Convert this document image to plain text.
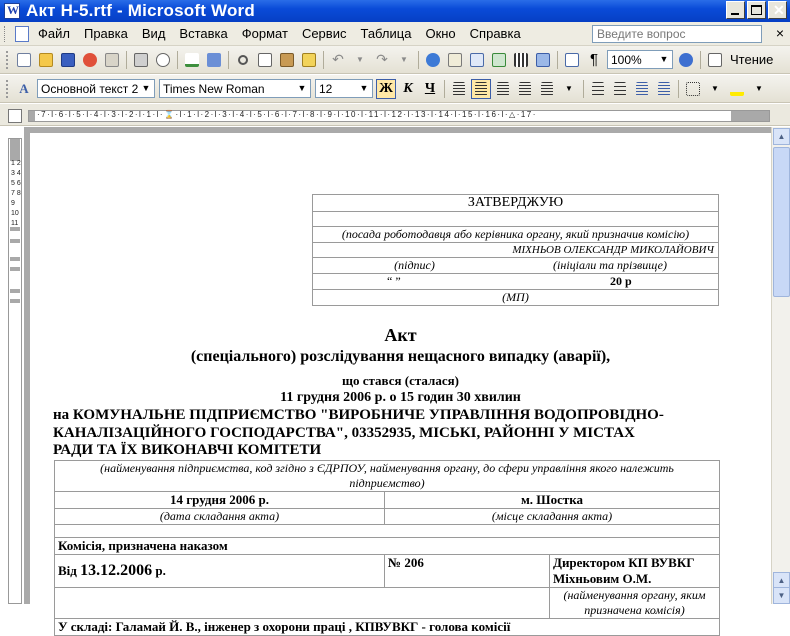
W
Акт Н-5.rtf - Microsoft Word	✕
Файл	Правка	Вид	Вставка	Формат	Сервис	Таблица	Окно	Справка	Введите вопрос	×
↶ ▼ ↷ ▼	¶	100% ▼	Чтение
A	Основной текст 2 ▼	Times New Roman	▼	12	▼ Ж К Ч	▼	▼	▼
·7·l·6·l·5·l·4·l·3·l·2·l·1·l·⌛·l·1·l·2·l·3·l·4·l·5·l·6·l·7·l·8·l·9·l·10·l·11·l·12·l·13·l·14·l·15·l·16·l·△·17·
1 2 3 4 5 6 7 8 9 10 11
ЗАТВЕРДЖУЮ

(посада роботодавця або керівника органу, який призначив комісію)
МІХНЬОВ ОЛЕКСАНДР МИКОЛАЙОВИЧ
(підпис)	(ініціали та прізвище)
“ ”	20 р
(МП)
Акт
(спеціального) розслідування нещасного випадку (аварії),
що стався (сталася)
11 грудня 2006 р. о 15 годин 30 хвилин
на КОМУНАЛЬНЕ ПІДПРИЄМСТВО "ВИРОБНИЧЕ УПРАВЛІННЯ ВОДОПРОВІДНО-
КАНАЛІЗАЦІЙНОГО ГОСПОДАРСТВА", 03352935, МІСЬКІ, РАЙОННІ У МІСТАХ
РАДИ ТА ЇХ ВИКОНАВЧІ КОМІТЕТИ
(найменування підприємства, код згідно з ЄДРПОУ, найменування органу, до сфери управління якого належить підприємство)		
14 грудня 2006 р.	м. Шостка	
(дата складання акта)	(місце складання акта)	

Комісія, призначена наказом		
Від 13.12.2006 р.	№ 206	Директором КП ВУВКГ Міхньовим О.М.
		(найменування органу, яким призначена комісія)
У складі: Галамай Й. В., інженер з охорони праці , КПВУВКГ - голова комісії		
▲
▲
▼
